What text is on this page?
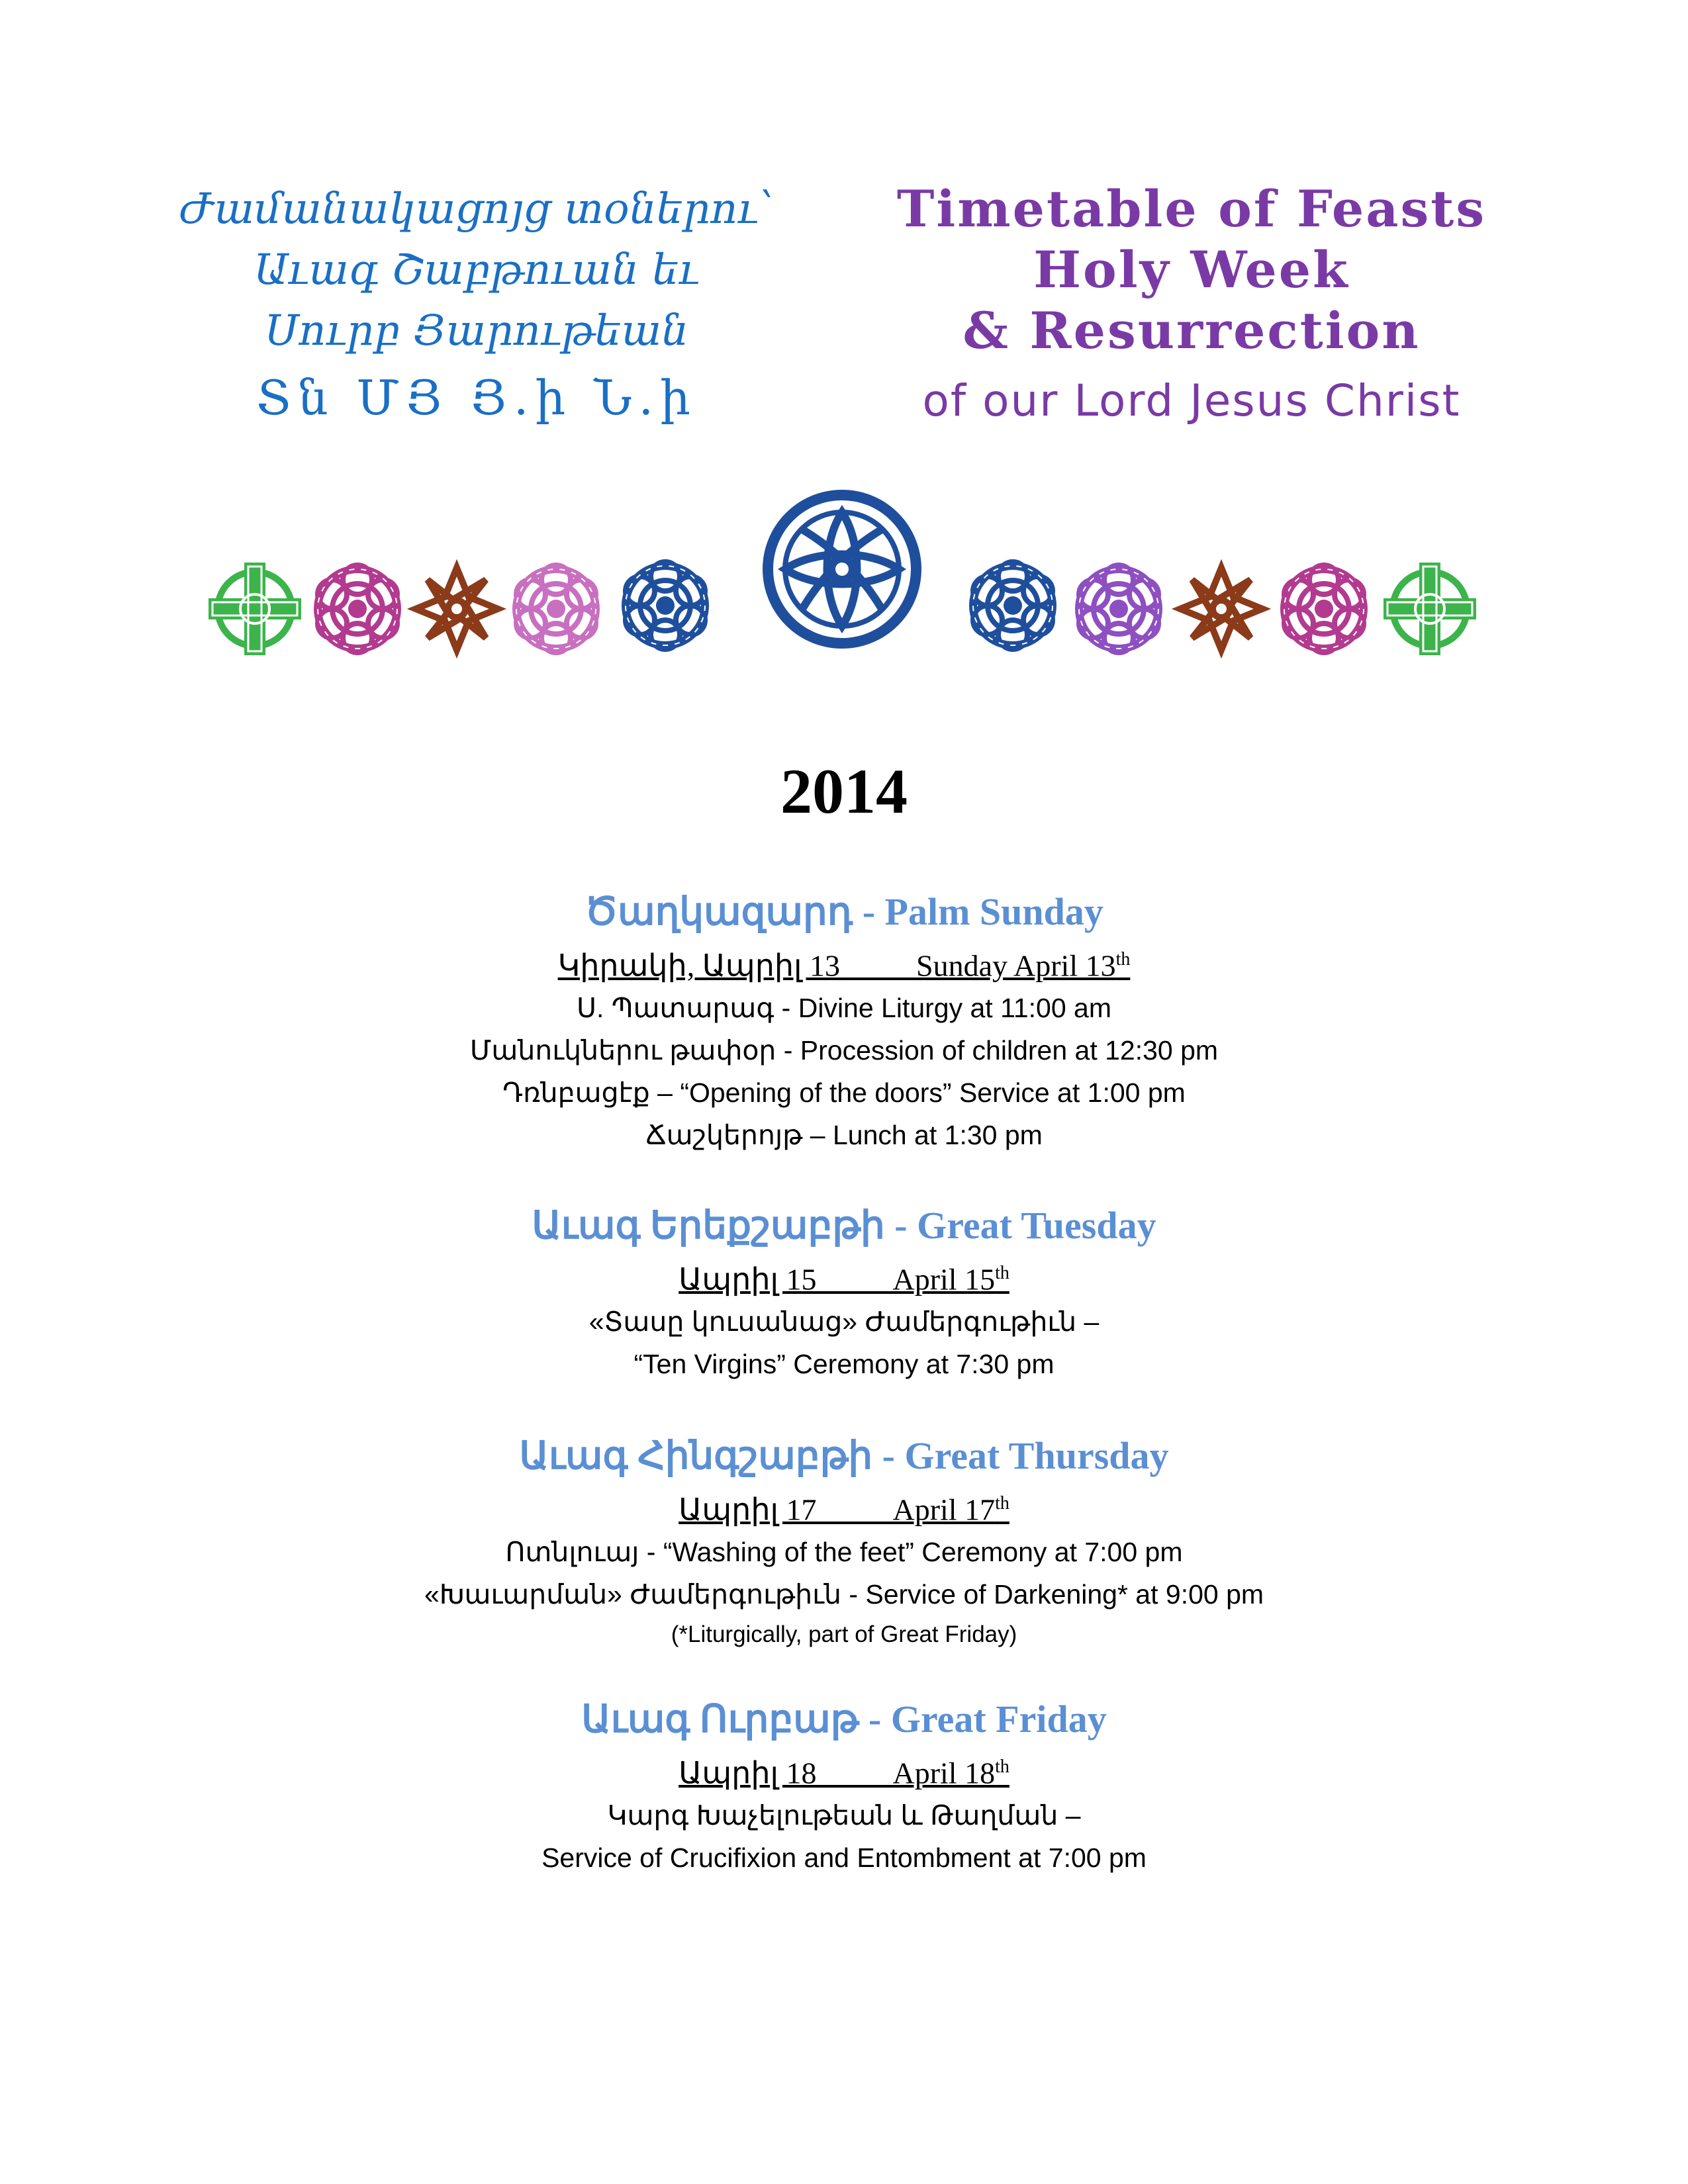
Ժամանակացոյց տօներու՝
Աւագ Շաբթուան եւ
Սուրբ Յարութեան
Տն ՄՅ Յ.ի Ն.ի
Timetable of Feasts
Holy Week
& Resurrection
of our Lord Jesus Christ
2014

Ծաղկազարդ - Palm Sunday

Կիրակի, Ապրիլ 13	Sunday April 13th

Ս. Պատարագ - Divine Liturgy at 11:00 am

Մանուկներու թափօր - Procession of children at 12:30 pm

Դռնբացէք – “Opening of the doors” Service at 1:00 pm

Ճաշկերոյթ – Lunch at 1:30 pm

Աւագ Երեքշաբթի - Great Tuesday

Ապրիլ 15	April 15th

«Տասը կուսանաց» Ժամերգութիւն –

“Ten Virgins” Ceremony at 7:30 pm

Աւագ Հինգշաբթի - Great Thursday

Ապրիլ 17	April 17th

Ոտնլուայ - “Washing of the feet” Ceremony at 7:00 pm

«Խաւարման» Ժամերգութիւն - Service of Darkening* at 9:00 pm

(*Liturgically, part of Great Friday)

Աւագ Ուրբաթ - Great Friday

Ապրիլ 18	April 18th

Կարգ Խաչելութեան և Թաղման –

Service of Crucifixion and Entombment at 7:00 pm
